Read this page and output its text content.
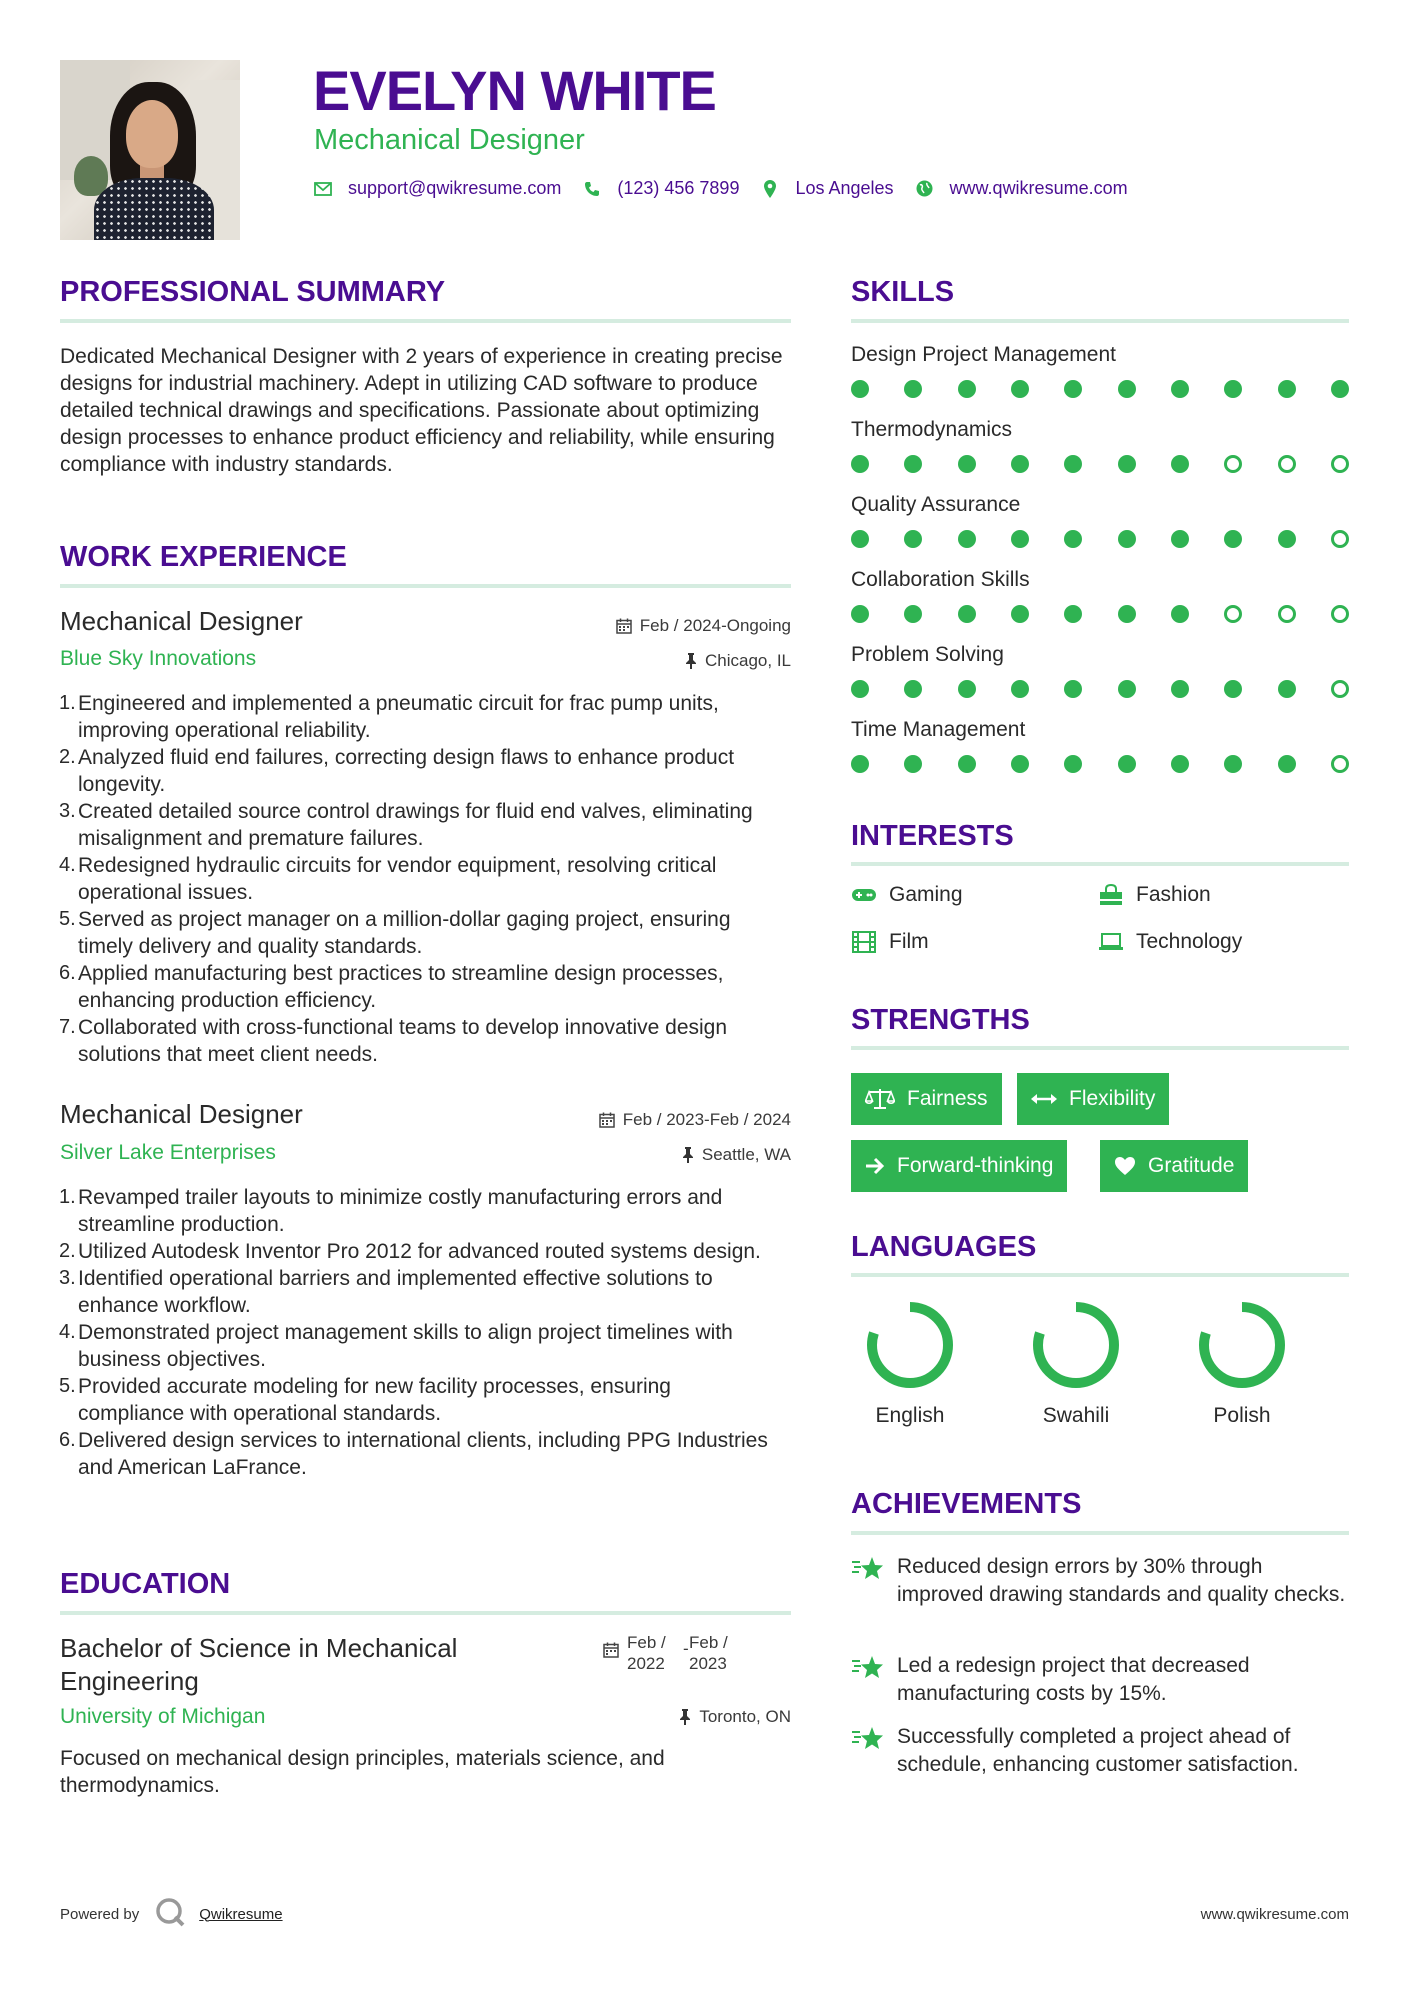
EVELYN WHITE
Mechanical Designer
support@qwikresume.com	(123) 456 7899	Los Angeles	www.qwikresume.com
PROFESSIONAL SUMMARY
Dedicated Mechanical Designer with 2 years of experience in creating precise designs for industrial machinery. Adept in utilizing CAD software to produce detailed technical drawings and specifications. Passionate about optimizing design processes to enhance product efficiency and reliability, while ensuring compliance with industry standards.
WORK EXPERIENCE
Mechanical Designer	Feb / 2024-Ongoing
Blue Sky Innovations	Chicago, IL
Engineered and implemented a pneumatic circuit for frac pump units, improving operational reliability.
Analyzed fluid end failures, correcting design flaws to enhance product longevity.
Created detailed source control drawings for fluid end valves, eliminating misalignment and premature failures.
Redesigned hydraulic circuits for vendor equipment, resolving critical operational issues.
Served as project manager on a million-dollar gaging project, ensuring timely delivery and quality standards.
Applied manufacturing best practices to streamline design processes, enhancing production efficiency.
Collaborated with cross-functional teams to develop innovative design solutions that meet client needs.
Mechanical Designer	Feb / 2023-Feb / 2024
Silver Lake Enterprises	Seattle, WA
Revamped trailer layouts to minimize costly manufacturing errors and streamline production.
Utilized Autodesk Inventor Pro 2012 for advanced routed systems design.
Identified operational barriers and implemented effective solutions to enhance workflow.
Demonstrated project management skills to align project timelines with business objectives.
Provided accurate modeling for new facility processes, ensuring compliance with operational standards.
Delivered design services to international clients, including PPG Industries and American LaFrance.
EDUCATION
Bachelor of Science in Mechanical Engineering
Feb /
2022
- Feb /
2023
University of Michigan	Toronto, ON
Focused on mechanical design principles, materials science, and thermodynamics.
SKILLS
Design Project Management
Thermodynamics
Quality Assurance
Collaboration Skills
Problem Solving
Time Management
INTERESTS
Gaming	Fashion
Film	Technology
STRENGTHS
Fairness	Flexibility
Forward-thinking	Gratitude
LANGUAGES
English	Swahili	Polish
ACHIEVEMENTS
Reduced design errors by 30% through improved drawing standards and quality checks.
Led a redesign project that decreased manufacturing costs by 15%.
Successfully completed a project ahead of schedule, enhancing customer satisfaction.
Powered by	Qwikresume	www.qwikresume.com
